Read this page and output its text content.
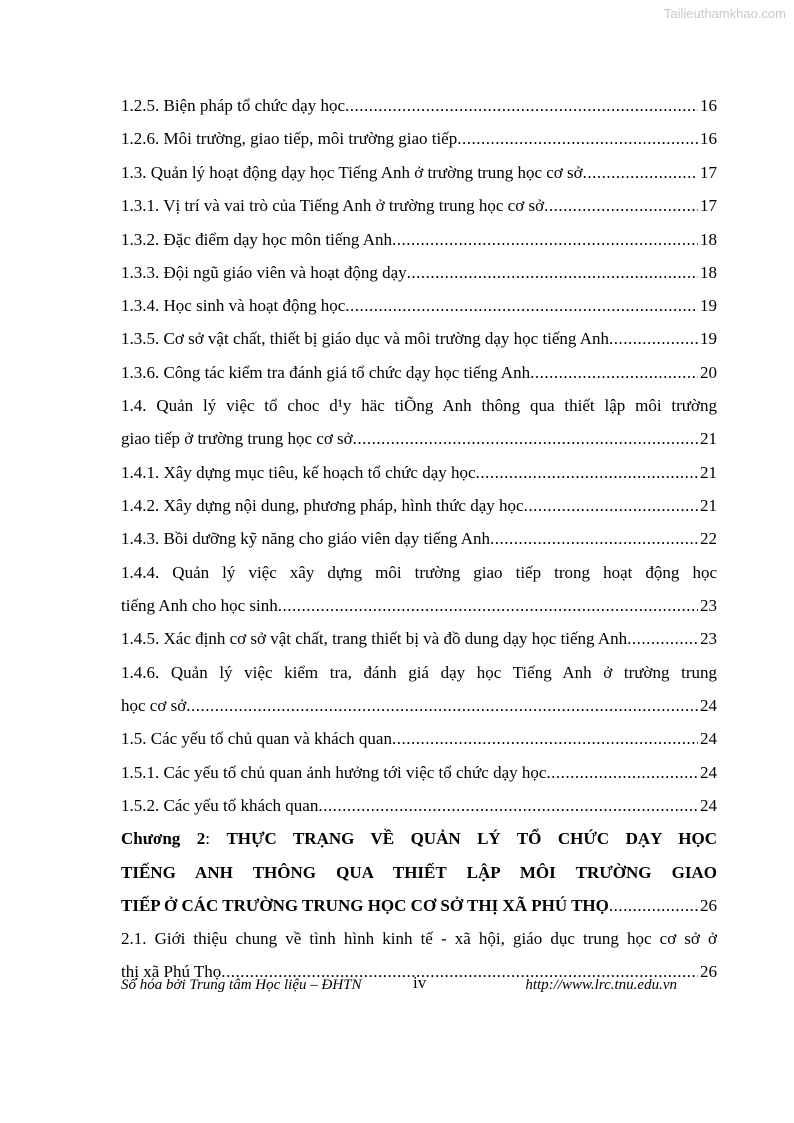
Tailieuthamkhao.com
1.2.5. Biện pháp tổ chức dạy học .....	16
1.2.6. Môi trường, giao tiếp, môi trường giao tiếp .....	16
1.3. Quản lý hoạt động dạy học Tiếng Anh ở trường trung học cơ sở .....	17
1.3.1. Vị trí và vai trò của Tiếng Anh ở trường trung học cơ sở .....	17
1.3.2. Đặc điểm dạy học môn tiếng Anh .....	18
1.3.3. Đội ngũ giáo viên và hoạt động dạy .....	18
1.3.4. Học sinh và hoạt động học .....	19
1.3.5. Cơ sở vật chất, thiết bị giáo dục và môi trường dạy học tiếng Anh .....	19
1.3.6. Công tác kiểm tra đánh giá tổ chức dạy học tiếng Anh .....	20
1.4. Quản lý việc tổ choc d¹y häc tiÕng Anh thông qua thiết lập môi trường
giao tiếp ở trường trung học cơ sở .....	21
1.4.1. Xây dựng mục tiêu, kế hoạch tổ chức dạy học .....	21
1.4.2. Xây dựng nội dung, phương pháp, hình thức dạy học .....	21
1.4.3. Bồi dưỡng kỹ năng cho giáo viên dạy tiếng Anh .....	22
1.4.4. Quản lý việc xây dựng môi trường giao tiếp trong hoạt động học
tiếng Anh cho học sinh .....	23
1.4.5. Xác định cơ sở vật chất, trang thiết bị và đồ dung dạy học tiếng Anh .....	23
1.4.6. Quản lý việc kiểm tra, đánh giá dạy học Tiếng Anh ở trường trung
học cơ sở .....	24
1.5. Các yếu tố chủ quan và khách quan .....	24
1.5.1. Các yếu tố chủ quan ảnh hưởng tới việc tổ chức dạy học .....	24
1.5.2. Các yếu tố khách quan .....	24
Chương 2: THỰC TRẠNG VỀ QUẢN LÝ TỔ CHỨC DẠY HỌC
TIẾNG ANH THÔNG QUA THIẾT LẬP MÔI TRƯỜNG GIAO
TIẾP Ở CÁC TRƯỜNG TRUNG HỌC CƠ SỞ THỊ XÃ PHÚ THỌ .....	26
2.1. Giới thiệu chung về tình hình kinh tế - xã hội, giáo dục trung học cơ sở ở
thị xã Phú Thọ .....	26
Số hóa bởi Trung tâm Học liệu – ĐHTN	iv	http://www.lrc.tnu.edu.vn
